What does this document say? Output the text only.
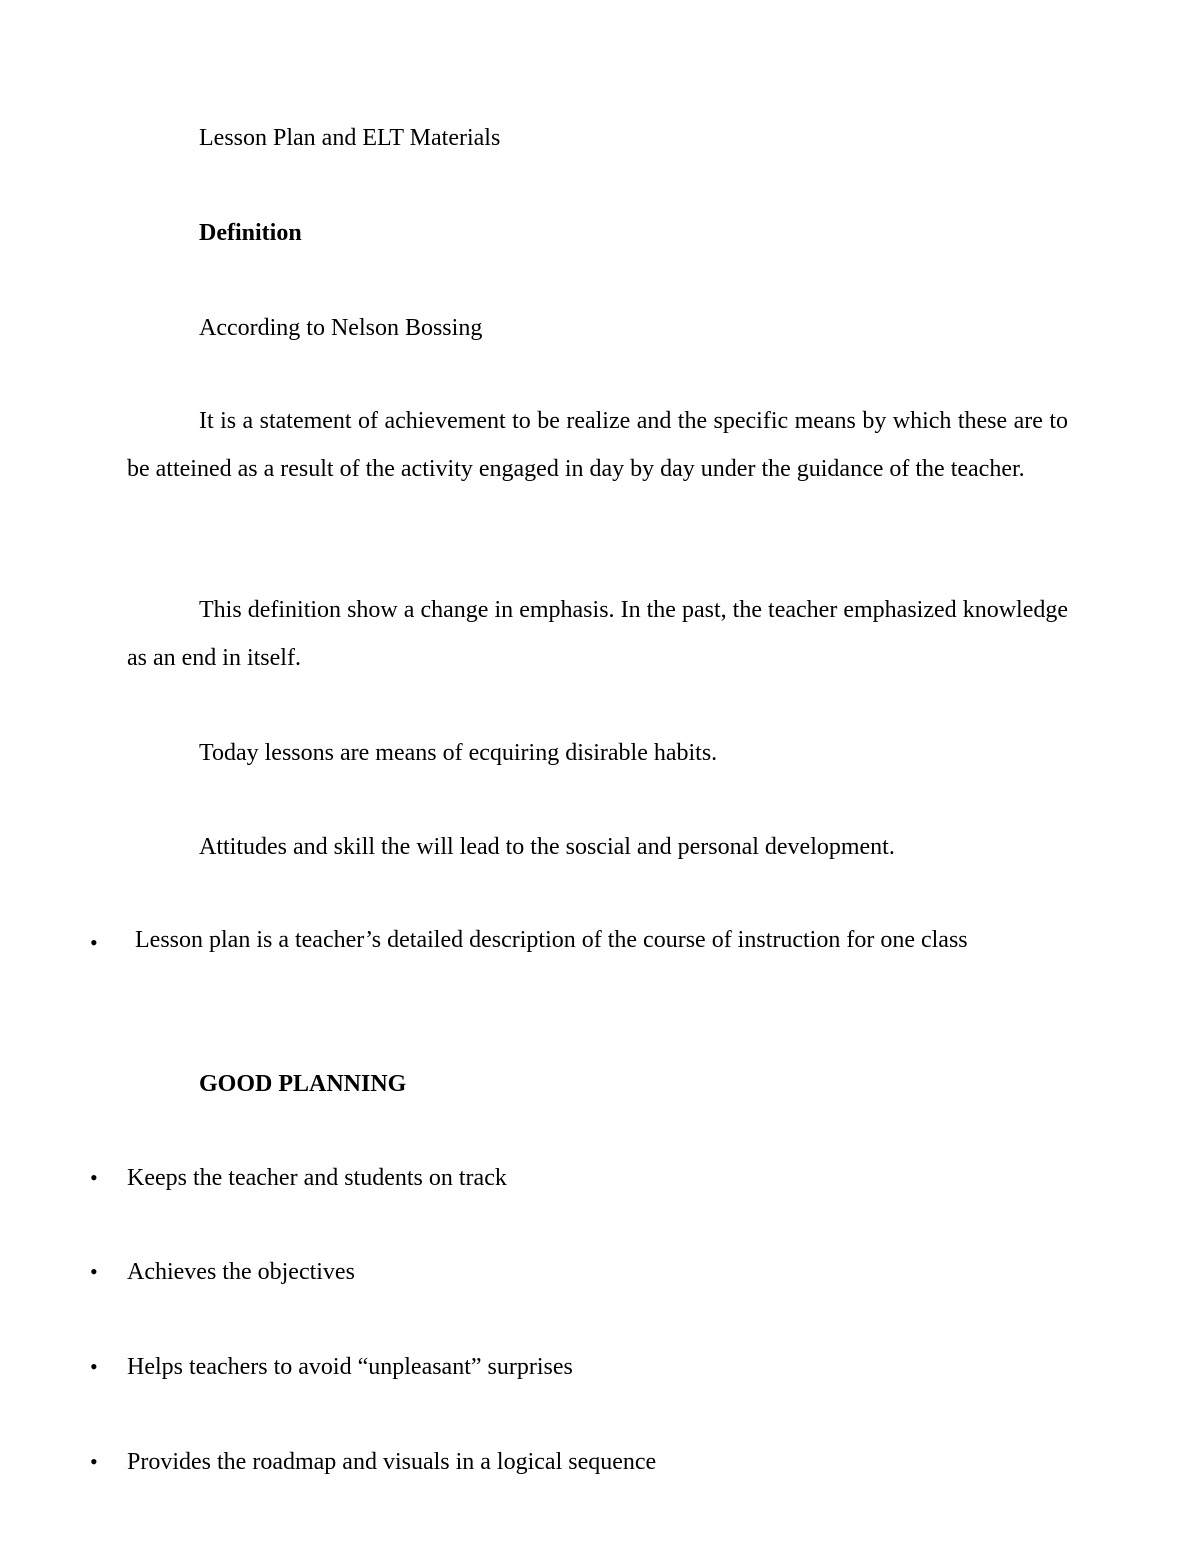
Lesson Plan and ELT Materials
Definition
According to Nelson Bossing
It is a statement of achievement to be realize and the specific means by which these are to be atteined as a result of the activity engaged in day by day under the guidance of the teacher.
This definition show a change in emphasis. In the past, the teacher emphasized knowledge as an end in itself.
Today lessons are means of ecquiring disirable habits.
Attitudes and skill the will lead to the soscial and personal development.
•	Lesson plan is a teacher’s detailed description of the course of instruction for one class
GOOD PLANNING
•	Keeps the teacher and students on track
•	Achieves the objectives
•	Helps teachers to avoid “unpleasant” surprises
•	Provides the roadmap and visuals in a logical sequence
